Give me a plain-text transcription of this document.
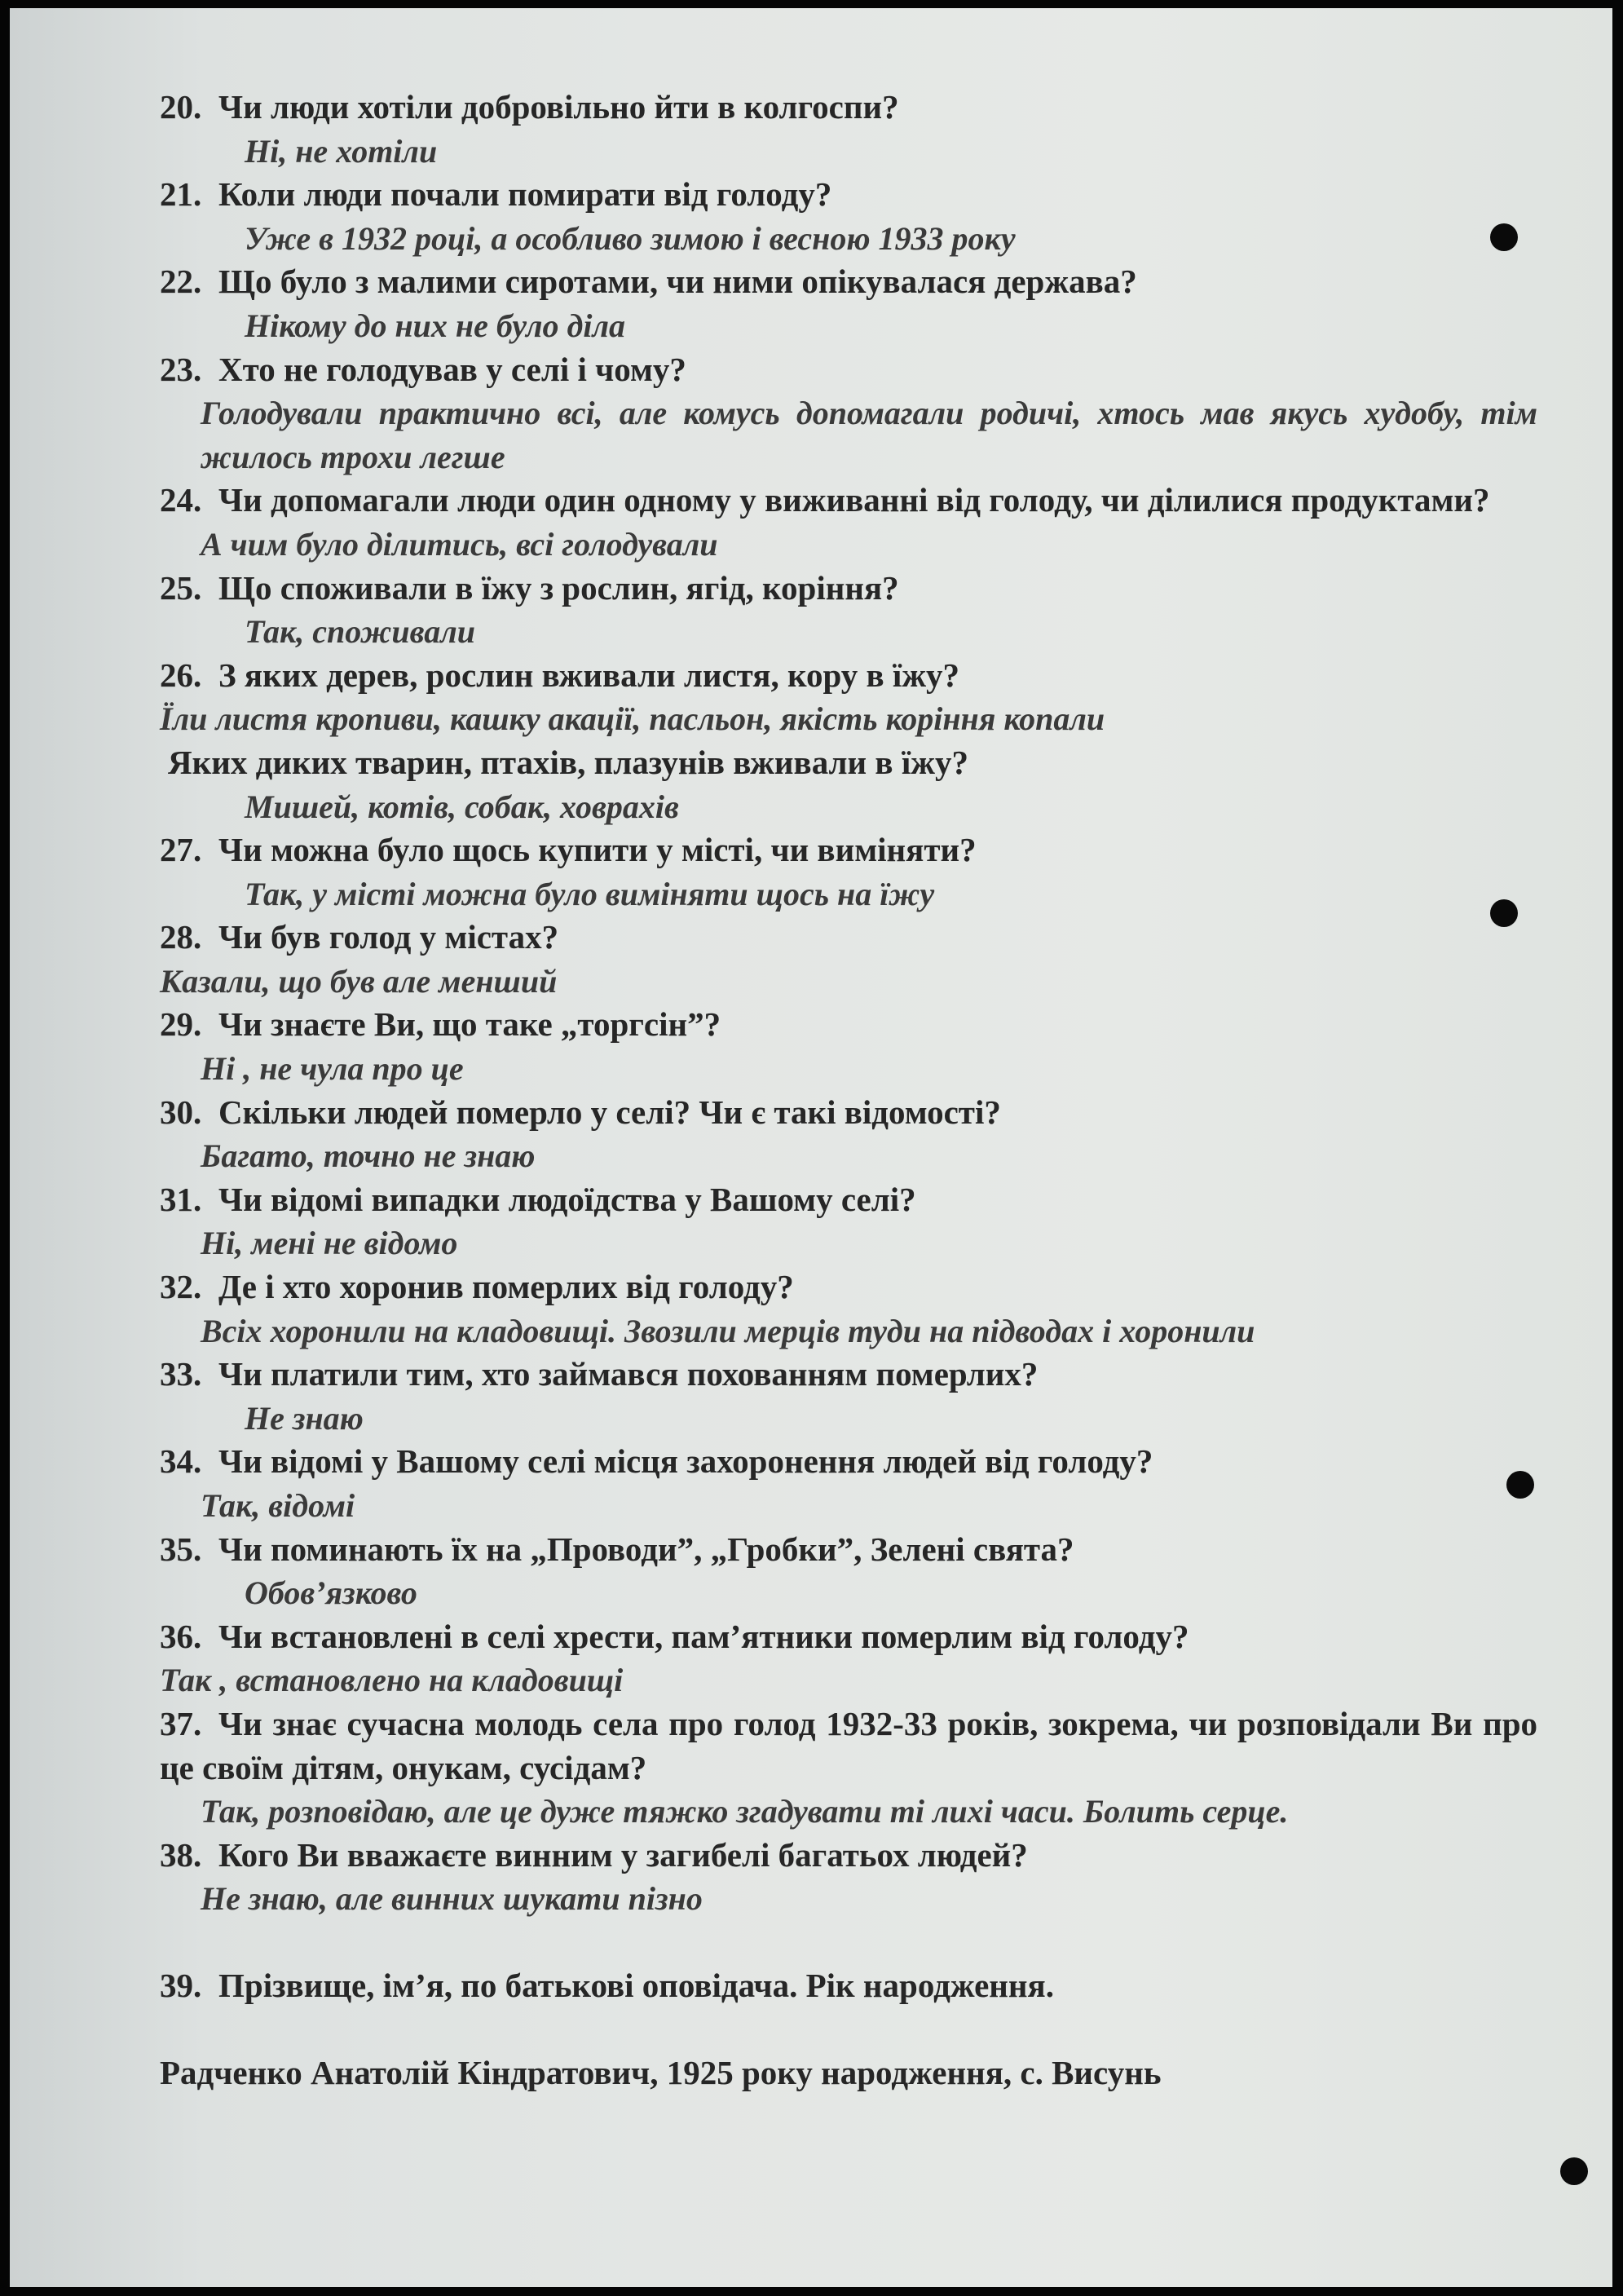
20. Чи люди хотіли добровільно йти в колгоспи?

Ні, не хотіли

21. Коли люди почали помирати від голоду?

Уже в 1932 році, а особливо зимою і весною 1933 року

22. Що було з малими сиротами, чи ними опікувалася держава?

Нікому до них не було діла

23. Хто не голодував у селі і чому?

Голодували практично всі, але комусь допомагали родичі, хтось мав якусь худобу, тім жилось трохи легше

24. Чи допомагали люди один одному у виживанні від голоду, чи ділилися продуктами?

А чим було ділитись, всі голодували

25. Що споживали в їжу з рослин, ягід, коріння?

Так, споживали

26. З яких дерев, рослин вживали листя, кору в їжу?

Їли листя кропиви, кашку акації, пасльон, якість коріння копали

Яких диких тварин, птахів, плазунів вживали в їжу?

Мишей, котів, собак, ховрахів

27. Чи можна було щось купити у місті, чи виміняти?

Так, у місті можна було виміняти щось на їжу

28. Чи був голод у містах?

Казали, що був але менший

29. Чи знаєте Ви, що таке „торгсін”?

Ні , не чула про це

30. Скільки людей померло у селі? Чи є такі відомості?

Багато, точно не знаю

31. Чи відомі випадки людоїдства у Вашому селі?

Ні, мені не відомо

32. Де і хто хоронив померлих від голоду?

Всіх хоронили на кладовищі. Звозили мерців туди на підводах і хоронили

33. Чи платили тим, хто займався похованням померлих?

Не знаю

34. Чи відомі у Вашому селі місця захоронення людей від голоду?

Так, відомі

35. Чи поминають їх на „Проводи”, „Гробки”, Зелені свята?

Обов’язково

36. Чи встановлені в селі хрести, пам’ятники померлим від голоду?

Так , встановлено на кладовищі

37. Чи знає сучасна молодь села про голод 1932-33 років, зокрема, чи розповідали Ви про це своїм дітям, онукам, сусідам?

Так, розповідаю, але це дуже тяжко згадувати ті лихі часи. Болить серце.

38. Кого Ви вважаєте винним у загибелі багатьох людей?

Не знаю, але винних шукати пізно

39. Прізвище, ім’я, по батькові оповідача. Рік народження.

Радченко Анатолій Кіндратович, 1925 року народження, с. Висунь
